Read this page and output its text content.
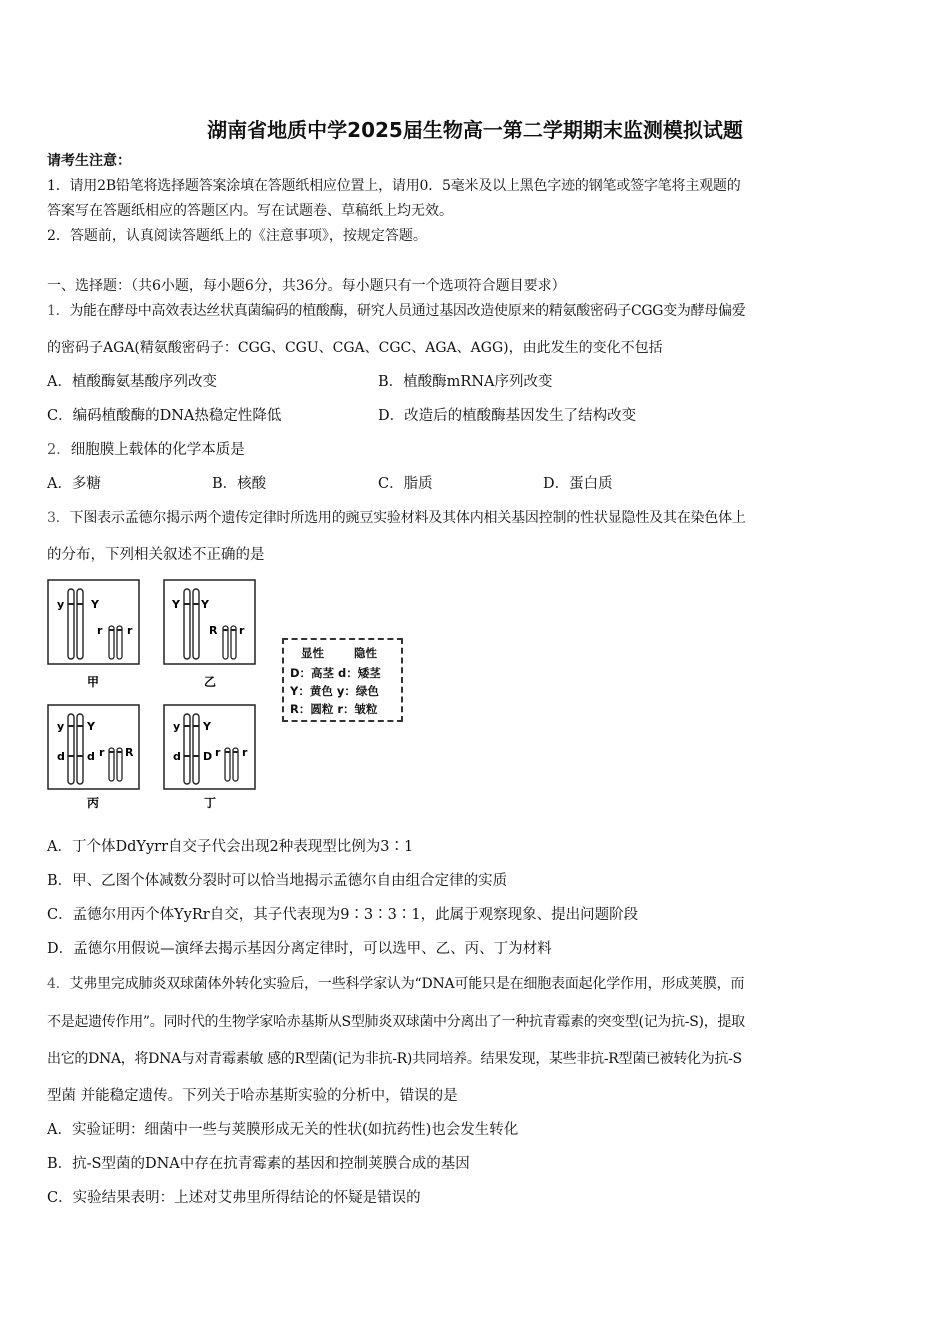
湖南省地质中学2025届生物高一第二学期期末监测模拟试题
请考生注意：
1．请用2B铅笔将选择题答案涂填在答题纸相应位置上，请用0．5毫米及以上黑色字迹的钢笔或签字笔将主观题的
答案写在答题纸相应的答题区内。写在试题卷、草稿纸上均无效。
2．答题前，认真阅读答题纸上的《注意事项》，按规定答题。
一、选择题：（共6小题，每小题6分，共36分。每小题只有一个选项符合题目要求）
1．为能在酵母中高效表达丝状真菌编码的植酸酶，研究人员通过基因改造使原来的精氨酸密码子CGG变为酵母偏爱
的密码子AGA(精氨酸密码子：CGG、CGU、CGA、CGC、AGA、AGG)，由此发生的变化不包括
A．植酸酶氨基酸序列改变	B．植酸酶mRNA序列改变
C．编码植酸酶的DNA热稳定性降低	D．改造后的植酸酶基因发生了结构改变
2．细胞膜上载体的化学本质是
A．多糖	B．核酸	C．脂质	D．蛋白质
3．下图表示孟德尔揭示两个遗传定律时所选用的豌豆实验材料及其体内相关基因控制的性状显隐性及其在染色体上
的分布，下列相关叙述不正确的是
y Y
r r
甲
Y Y
R r
乙
y Y
d d r R
丙
y Y
d D r r
丁
显性	隐性
D：高茎 d：矮茎
Y：黄色 y：绿色
R：圆粒 r：皱粒
A．丁个体DdYyrr自交子代会出现2种表现型比例为3∶1
B．甲、乙图个体减数分裂时可以恰当地揭示孟德尔自由组合定律的实质
C．孟德尔用丙个体YyRr自交，其子代表现为9∶3∶3∶1，此属于观察现象、提出问题阶段
D．孟德尔用假说—演绎去揭示基因分离定律时，可以选甲、乙、丙、丁为材料
4．艾弗里完成肺炎双球菌体外转化实验后，一些科学家认为“DNA可能只是在细胞表面起化学作用，形成荚膜，而
不是起遗传作用”。同时代的生物学家哈赤基斯从S型肺炎双球菌中分离出了一种抗青霉素的突变型(记为抗-S)，提取
出它的DNA，将DNA与对青霉素敏 感的R型菌(记为非抗-R)共同培养。结果发现，某些非抗-R型菌已被转化为抗-S
型菌 并能稳定遗传。下列关于哈赤基斯实验的分析中，错误的是
A．实验证明：细菌中一些与荚膜形成无关的性状(如抗药性)也会发生转化
B．抗-S型菌的DNA中存在抗青霉素的基因和控制荚膜合成的基因
C．实验结果表明：上述对艾弗里所得结论的怀疑是错误的
